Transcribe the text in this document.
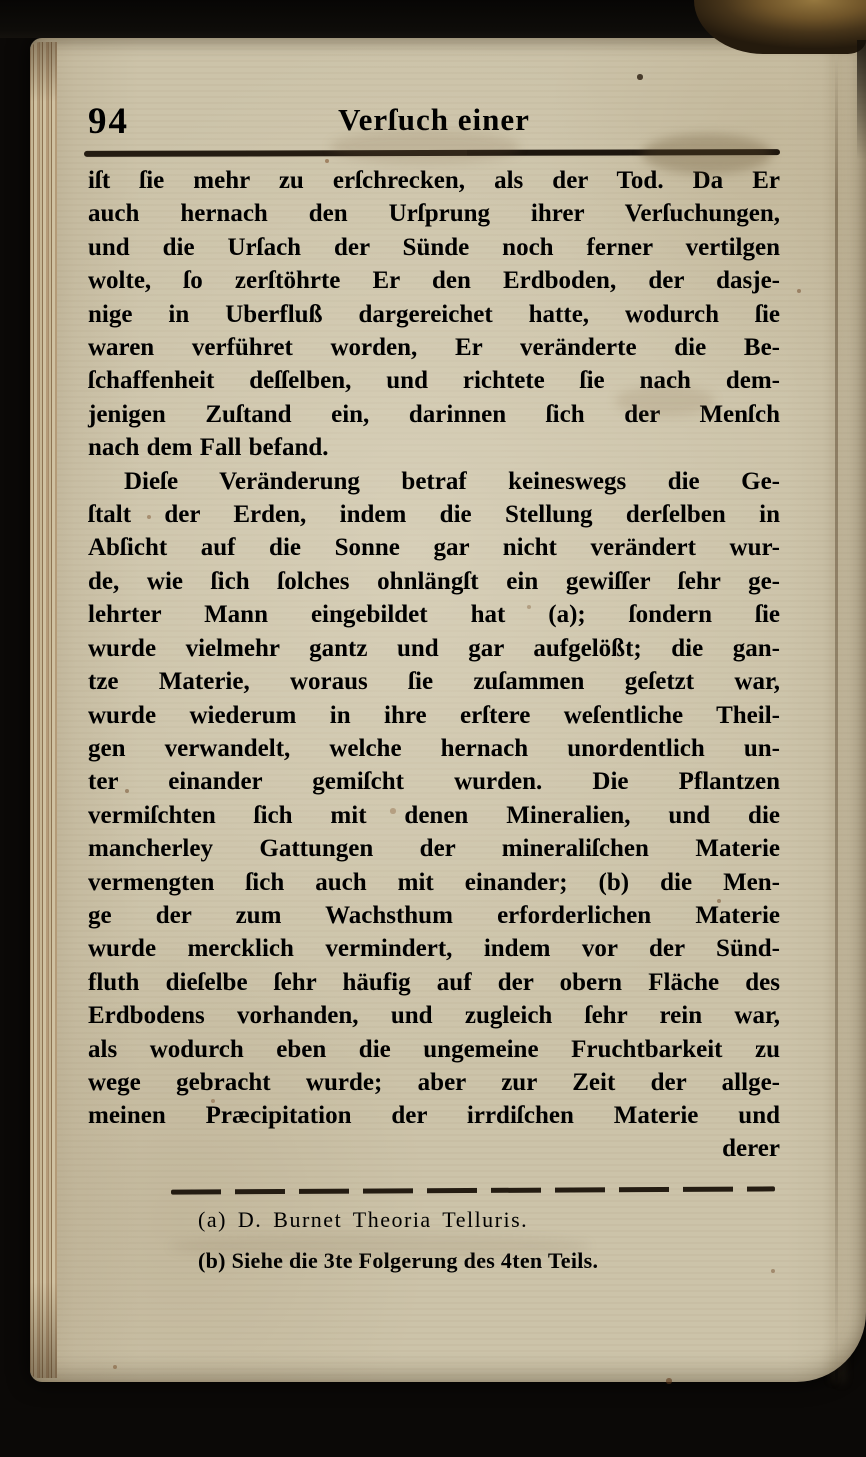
94	Verſuch einer
iſt ſie mehr zu erſchrecken, als der Tod. Da Er
auch hernach den Urſprung ihrer Verſuchungen,
und die Urſach der Sünde noch ferner vertilgen
wolte, ſo zerſtöhrte Er den Erdboden, der dasje-
nige in Uberfluß dargereichet hatte, wodurch ſie
waren verführet worden, Er veränderte die Be-
ſchaffenheit deſſelben, und richtete ſie nach dem-
jenigen Zuſtand ein, darinnen ſich der Menſch
nach dem Fall befand.
Dieſe Veränderung betraf keineswegs die Ge-
ſtalt der Erden, indem die Stellung derſelben in
Abſicht auf die Sonne gar nicht verändert wur-
de, wie ſich ſolches ohnlängſt ein gewiſſer ſehr ge-
lehrter Mann eingebildet hat (a); ſondern ſie
wurde vielmehr gantz und gar aufgelößt; die gan-
tze Materie, woraus ſie zuſammen geſetzt war,
wurde wiederum in ihre erſtere weſentliche Theil-
gen verwandelt, welche hernach unordentlich un-
ter einander gemiſcht wurden. Die Pflantzen
vermiſchten ſich mit denen Mineralien, und die
mancherley Gattungen der mineraliſchen Materie
vermengten ſich auch mit einander; (b) die Men-
ge der zum Wachsthum erforderlichen Materie
wurde mercklich vermindert, indem vor der Sünd-
fluth dieſelbe ſehr häufig auf der obern Fläche des
Erdbodens vorhanden, und zugleich ſehr rein war,
als wodurch eben die ungemeine Fruchtbarkeit zu
wege gebracht wurde; aber zur Zeit der allge-
meinen Præcipitation der irrdiſchen Materie und
derer
(a) D. Burnet Theoria Telluris.
(b) Siehe die 3te Folgerung des 4ten Teils.
